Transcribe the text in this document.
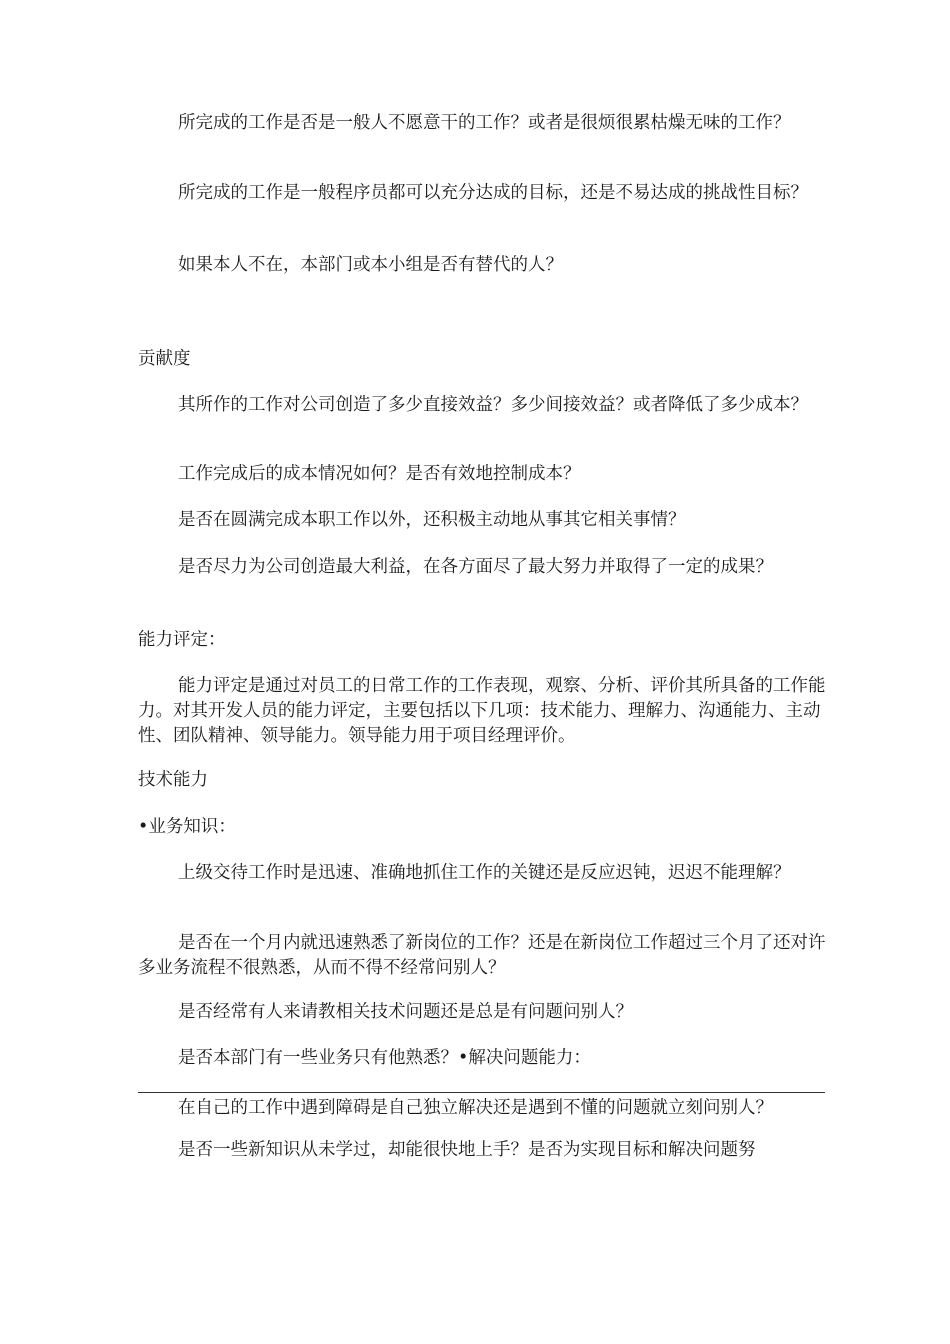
所完成的工作是否是一般人不愿意干的工作？或者是很烦很累枯燥无味的工作？

所完成的工作是一般程序员都可以充分达成的目标，还是不易达成的挑战性目标？

如果本人不在，本部门或本小组是否有替代的人？

贡献度

其所作的工作对公司创造了多少直接效益？多少间接效益？或者降低了多少成本？

工作完成后的成本情况如何？是否有效地控制成本？

是否在圆满完成本职工作以外，还积极主动地从事其它相关事情？

是否尽力为公司创造最大利益，在各方面尽了最大努力并取得了一定的成果？

能力评定：

能力评定是通过对员工的日常工作的工作表现，观察、分析、评价其所具备的工作能力。对其开发人员的能力评定，主要包括以下几项：技术能力、理解力、沟通能力、主动性、团队精神、领导能力。领导能力用于项目经理评价。

技术能力

•业务知识：

上级交待工作时是迅速、准确地抓住工作的关键还是反应迟钝，迟迟不能理解？

是否在一个月内就迅速熟悉了新岗位的工作？还是在新岗位工作超过三个月了还对许多业务流程不很熟悉，从而不得不经常问别人？

是否经常有人来请教相关技术问题还是总是有问题问别人？

是否本部门有一些业务只有他熟悉？•解决问题能力：

在自己的工作中遇到障碍是自己独立解决还是遇到不懂的问题就立刻问别人？

是否一些新知识从未学过，却能很快地上手？是否为实现目标和解决问题努
